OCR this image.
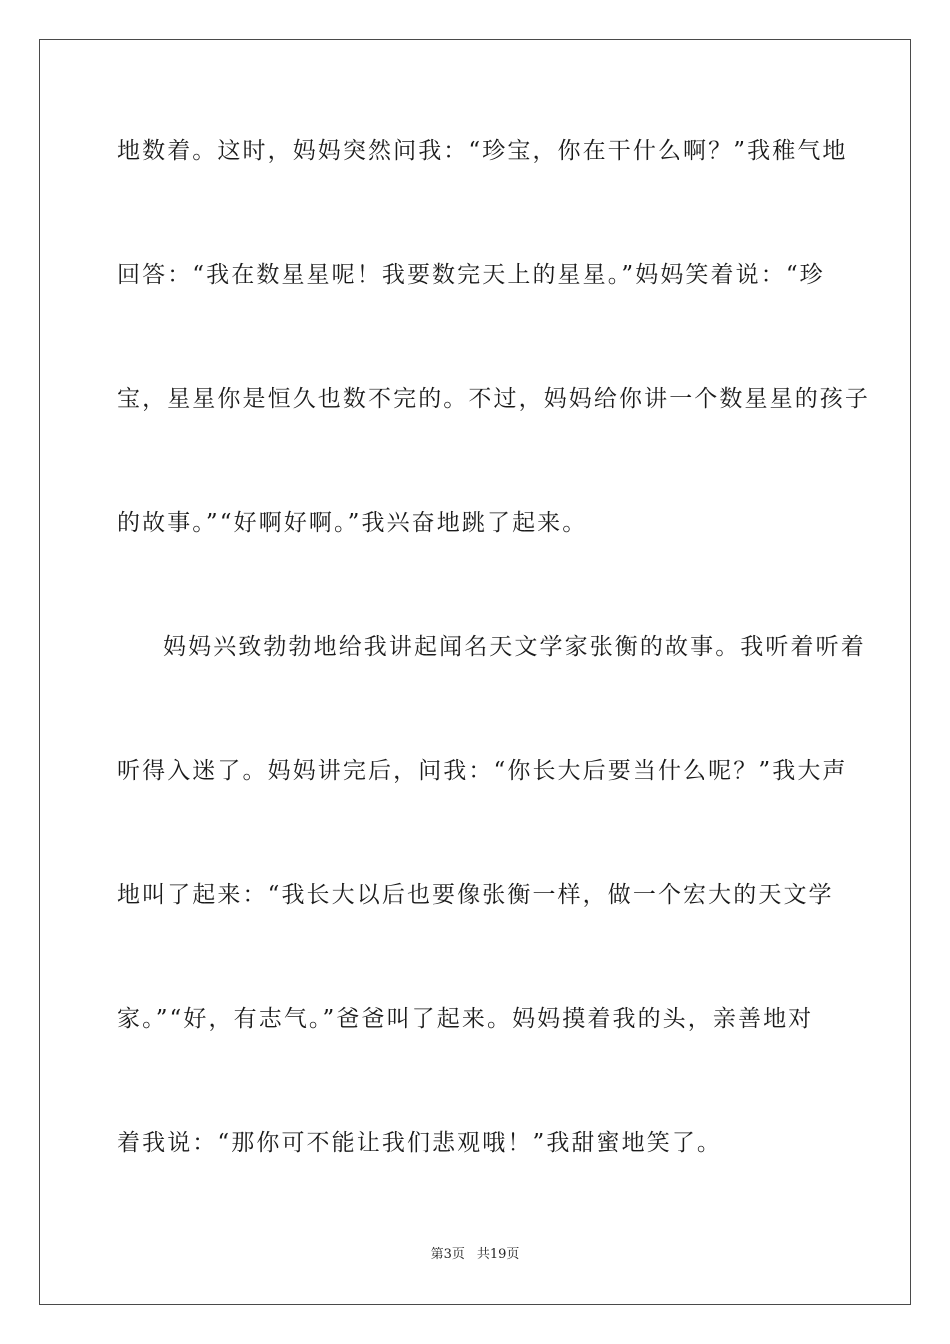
地数着。这时，妈妈突然问我：“珍宝，你在干什么啊？”我稚气地
回答：“我在数星星呢！我要数完天上的星星。”妈妈笑着说：“珍
宝，星星你是恒久也数不完的。不过，妈妈给你讲一个数星星的孩子
的故事。”“好啊好啊。”我兴奋地跳了起来。
妈妈兴致勃勃地给我讲起闻名天文学家张衡的故事。我听着听着
听得入迷了。妈妈讲完后，问我：“你长大后要当什么呢？”我大声
地叫了起来：“我长大以后也要像张衡一样，做一个宏大的天文学
家。”“好，有志气。”爸爸叫了起来。妈妈摸着我的头，亲善地对
着我说：“那你可不能让我们悲观哦！”我甜蜜地笑了。
第3页 共19页
